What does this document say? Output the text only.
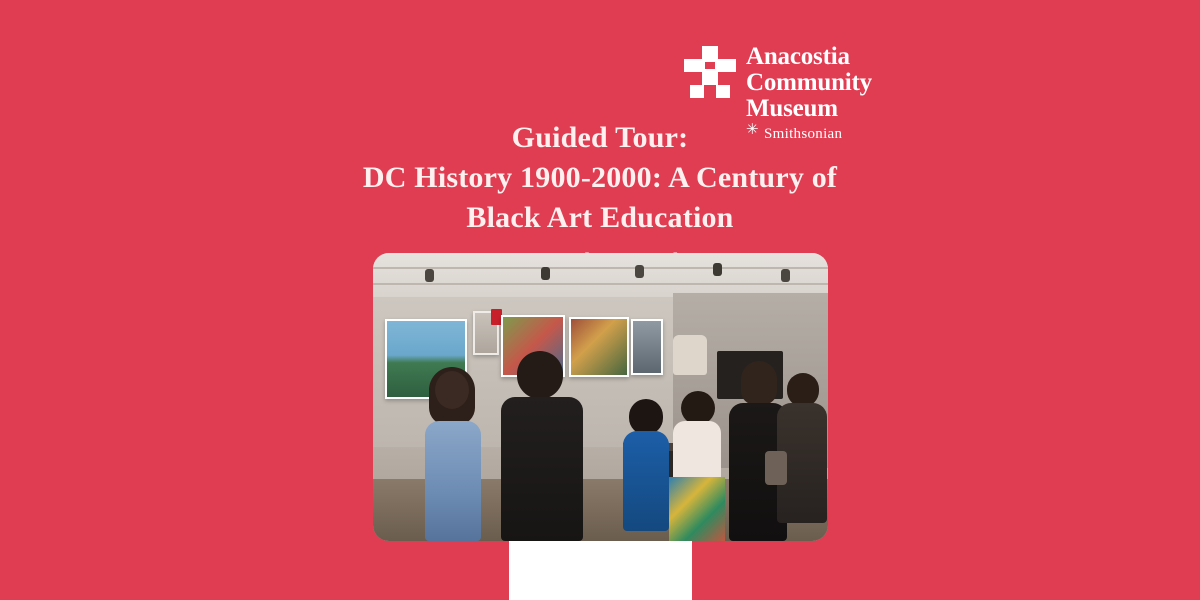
Anacostia
Community
Museum
✳
Smithsonian
Guided Tour:
DC History 1900-2000: A Century of
Black Art Education
